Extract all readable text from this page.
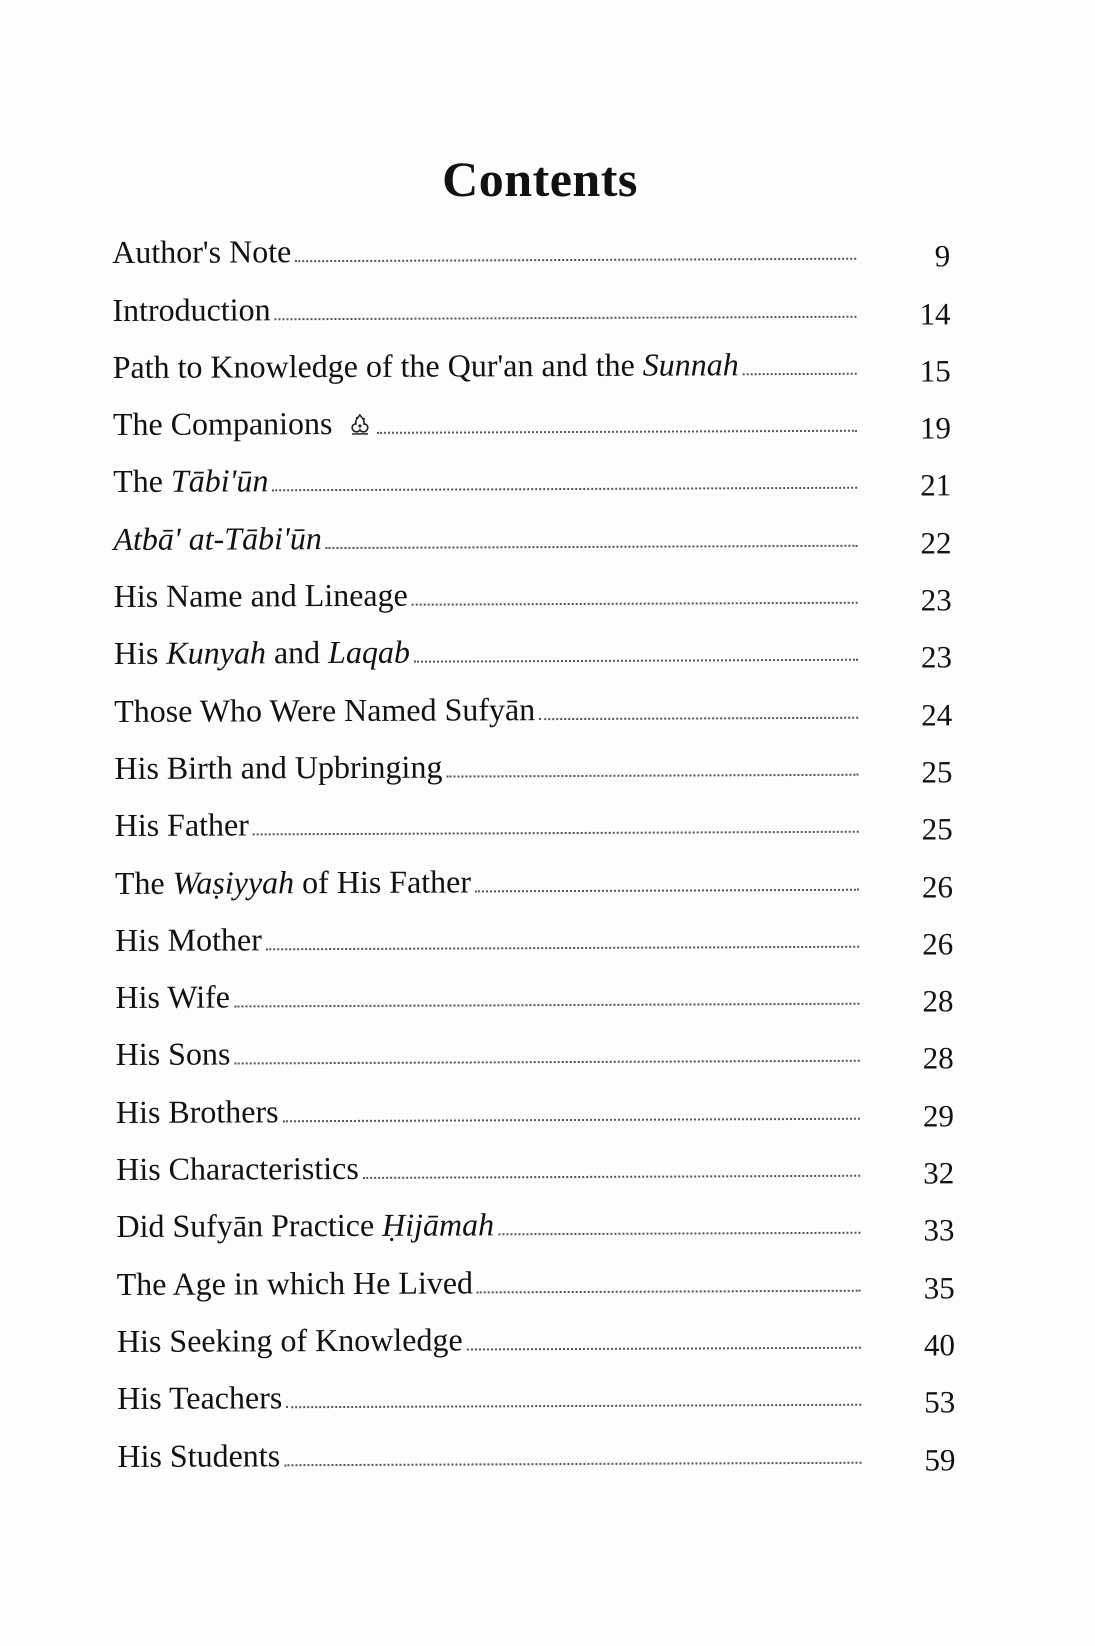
Contents
Author's Note	9
Introduction	14
Path to Knowledge of the Qur'an and the Sunnah	15
The Companions	19
The Tābi'ūn	21
Atbā' at-Tābi'ūn	22
His Name and Lineage	23
His Kunyah and Laqab	23
Those Who Were Named Sufyān	24
His Birth and Upbringing	25
His Father	25
The Waṣiyyah of His Father	26
His Mother	26
His Wife	28
His Sons	28
His Brothers	29
His Characteristics	32
Did Sufyān Practice Ḥijāmah	33
The Age in which He Lived	35
His Seeking of Knowledge	40
His Teachers	53
His Students	59
